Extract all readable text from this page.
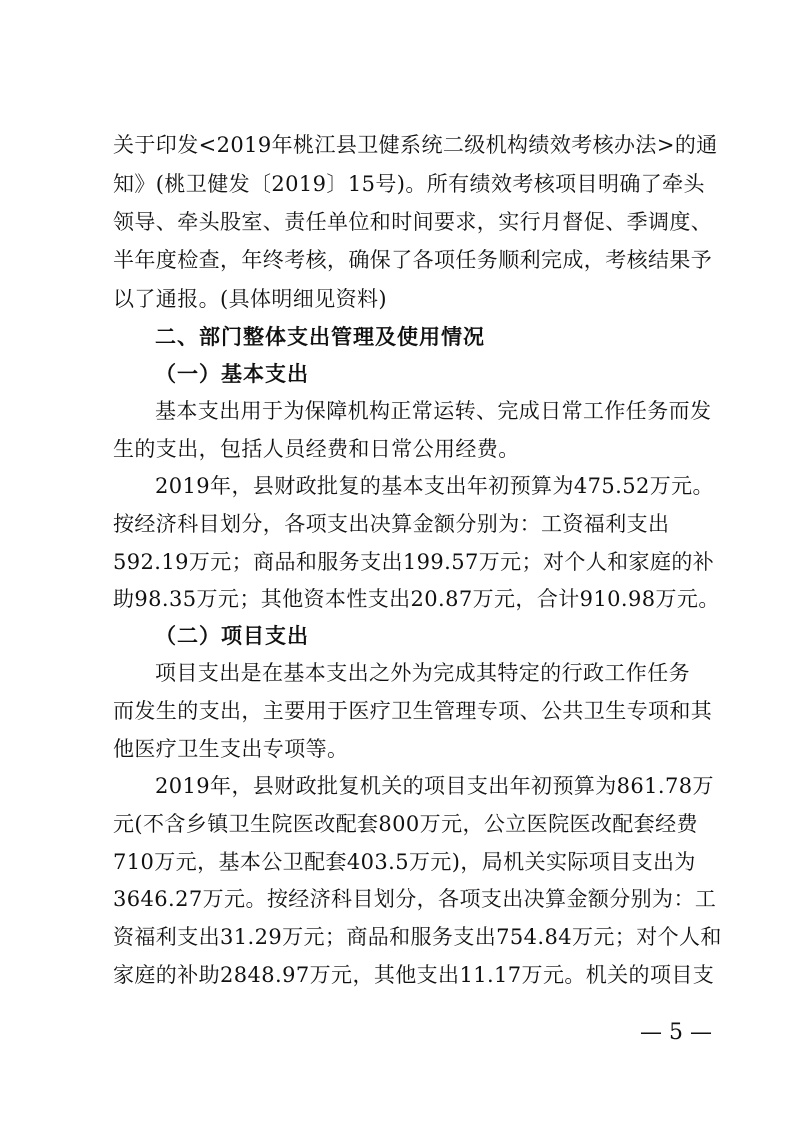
关于印发<2019年桃江县卫健系统二级机构绩效考核办法>的通
知》(桃卫健发〔2019〕15号)。所有绩效考核项目明确了牵头
领导、牵头股室、责任单位和时间要求，实行月督促、季调度、
半年度检查，年终考核，确保了各项任务顺利完成，考核结果予
以了通报。(具体明细见资料)
二、部门整体支出管理及使用情况
（一）基本支出
基本支出用于为保障机构正常运转、完成日常工作任务而发
生的支出，包括人员经费和日常公用经费。
2019年，县财政批复的基本支出年初预算为475.52万元。
按经济科目划分，各项支出决算金额分别为：工资福利支出
592.19万元；商品和服务支出199.57万元；对个人和家庭的补
助98.35万元；其他资本性支出20.87万元，合计910.98万元。
（二）项目支出
项目支出是在基本支出之外为完成其特定的行政工作任务
而发生的支出，主要用于医疗卫生管理专项、公共卫生专项和其
他医疗卫生支出专项等。
2019年，县财政批复机关的项目支出年初预算为861.78万
元(不含乡镇卫生院医改配套800万元，公立医院医改配套经费
710万元，基本公卫配套403.5万元)，局机关实际项目支出为
3646.27万元。按经济科目划分，各项支出决算金额分别为：工
资福利支出31.29万元；商品和服务支出754.84万元；对个人和
家庭的补助2848.97万元，其他支出11.17万元。机关的项目支
— 5 —
